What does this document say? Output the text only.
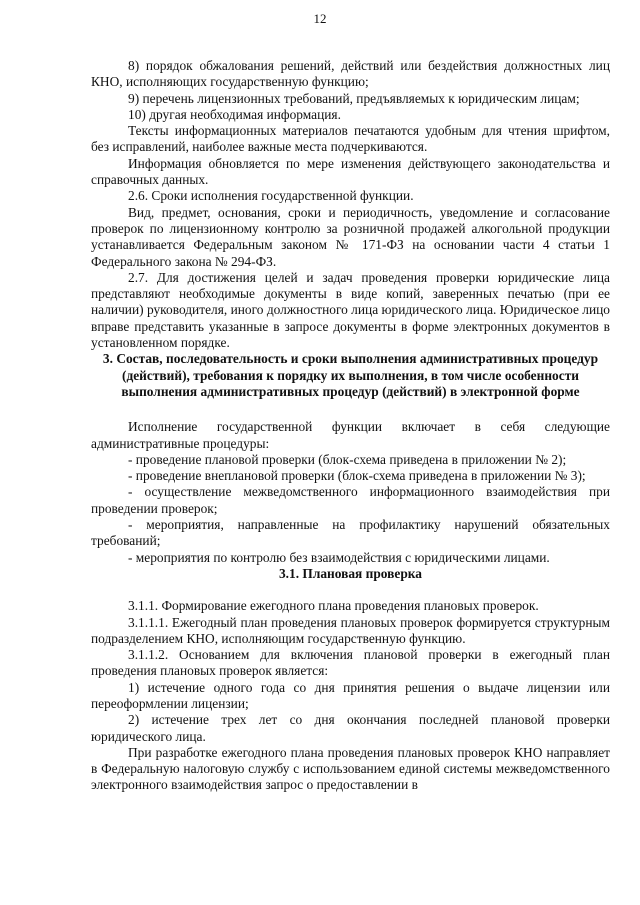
12

8) порядок обжалования решений, действий или бездействия должностных лиц КНО, исполняющих государственную функцию;

9) перечень лицензионных требований, предъявляемых к юридическим лицам;

10) другая необходимая информация.

Тексты информационных материалов печатаются удобным для чтения шрифтом, без исправлений, наиболее важные места подчеркиваются.

Информация обновляется по мере изменения действующего законодательства и справочных данных.

2.6. Сроки исполнения государственной функции.

Вид, предмет, основания, сроки и периодичность, уведомление и согласование проверок по лицензионному контролю за розничной продажей алкогольной продукции устанавливается Федеральным законом № 171-ФЗ на основании части 4 статьи 1 Федерального закона № 294-ФЗ.

2.7. Для достижения целей и задач проведения проверки юридические лица представляют необходимые документы в виде копий, заверенных печатью (при ее наличии) руководителя, иного должностного лица юридического лица. Юридическое лицо вправе представить указанные в запросе документы в форме электронных документов в установленном порядке.

3. Состав, последовательность и сроки выполнения административных процедур (действий), требования к порядку их выполнения, в том числе особенности выполнения административных процедур (действий) в электронной форме

Исполнение государственной функции включает в себя следующие административные процедуры:

- проведение плановой проверки (блок-схема приведена в приложении № 2);

- проведение внеплановой проверки (блок-схема приведена в приложении № 3);

- осуществление межведомственного информационного взаимодействия при проведении проверок;

- мероприятия, направленные на профилактику нарушений обязательных требований;

- мероприятия по контролю без взаимодействия с юридическими лицами.

3.1. Плановая проверка

3.1.1. Формирование ежегодного плана проведения плановых проверок.

3.1.1.1. Ежегодный план проведения плановых проверок формируется структурным подразделением КНО, исполняющим государственную функцию.

3.1.1.2. Основанием для включения плановой проверки в ежегодный план проведения плановых проверок является:

1) истечение одного года со дня принятия решения о выдаче лицензии или переоформлении лицензии;

2) истечение трех лет со дня окончания последней плановой проверки юридического лица.

При разработке ежегодного плана проведения плановых проверок КНО направляет в Федеральную налоговую службу с использованием единой системы межведомственного электронного взаимодействия запрос о предоставлении в
